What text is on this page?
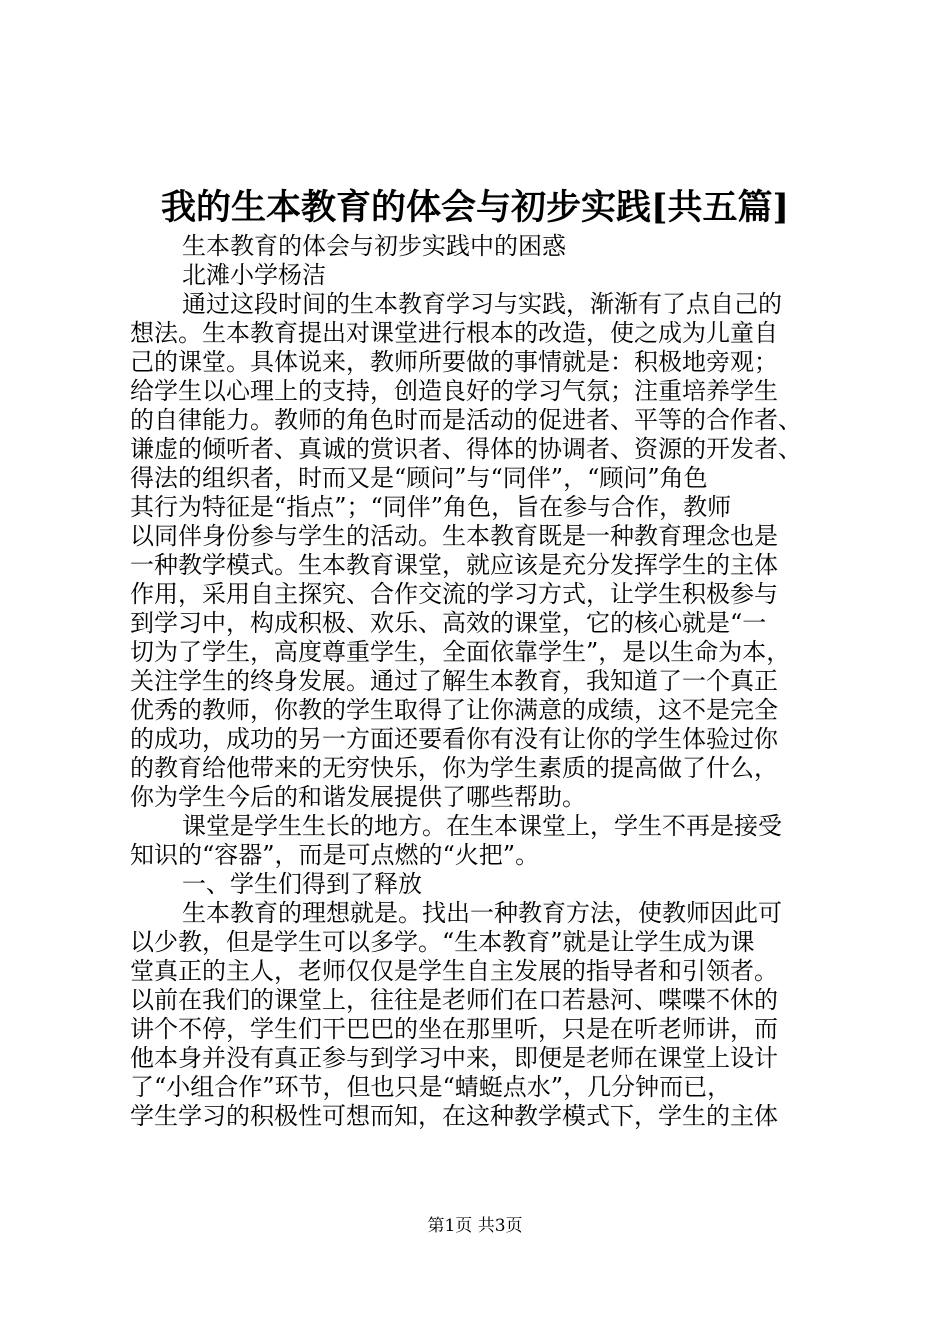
我的生本教育的体会与初步实践[共五篇]
生本教育的体会与初步实践中的困惑
北滩小学杨洁
通过这段时间的生本教育学习与实践，渐渐有了点自己的
想法。生本教育提出对课堂进行根本的改造，使之成为儿童自
己的课堂。具体说来，教师所要做的事情就是：积极地旁观；
给学生以心理上的支持，创造良好的学习气氛；注重培养学生
的自律能力。教师的角色时而是活动的促进者、平等的合作者、
谦虚的倾听者、真诚的赏识者、得体的协调者、资源的开发者、
得法的组织者，时而又是“顾问”与“同伴”，“顾问”角色
其行为特征是“指点”；“同伴”角色，旨在参与合作，教师
以同伴身份参与学生的活动。生本教育既是一种教育理念也是
一种教学模式。生本教育课堂，就应该是充分发挥学生的主体
作用，采用自主探究、合作交流的学习方式，让学生积极参与
到学习中，构成积极、欢乐、高效的课堂，它的核心就是“一
切为了学生，高度尊重学生，全面依靠学生”，是以生命为本，
关注学生的终身发展。通过了解生本教育，我知道了一个真正
优秀的教师，你教的学生取得了让你满意的成绩，这不是完全
的成功，成功的另一方面还要看你有没有让你的学生体验过你
的教育给他带来的无穷快乐，你为学生素质的提高做了什么，
你为学生今后的和谐发展提供了哪些帮助。
课堂是学生生长的地方。在生本课堂上，学生不再是接受
知识的“容器”，而是可点燃的“火把”。
一、学生们得到了释放
生本教育的理想就是。找出一种教育方法，使教师因此可
以少教，但是学生可以多学。“生本教育”就是让学生成为课
堂真正的主人，老师仅仅是学生自主发展的指导者和引领者。
以前在我们的课堂上，往往是老师们在口若悬河、喋喋不休的
讲个不停，学生们干巴巴的坐在那里听，只是在听老师讲，而
他本身并没有真正参与到学习中来，即便是老师在课堂上设计
了“小组合作”环节，但也只是“蜻蜓点水”，几分钟而已，
学生学习的积极性可想而知，在这种教学模式下，学生的主体
第1页 共3页
